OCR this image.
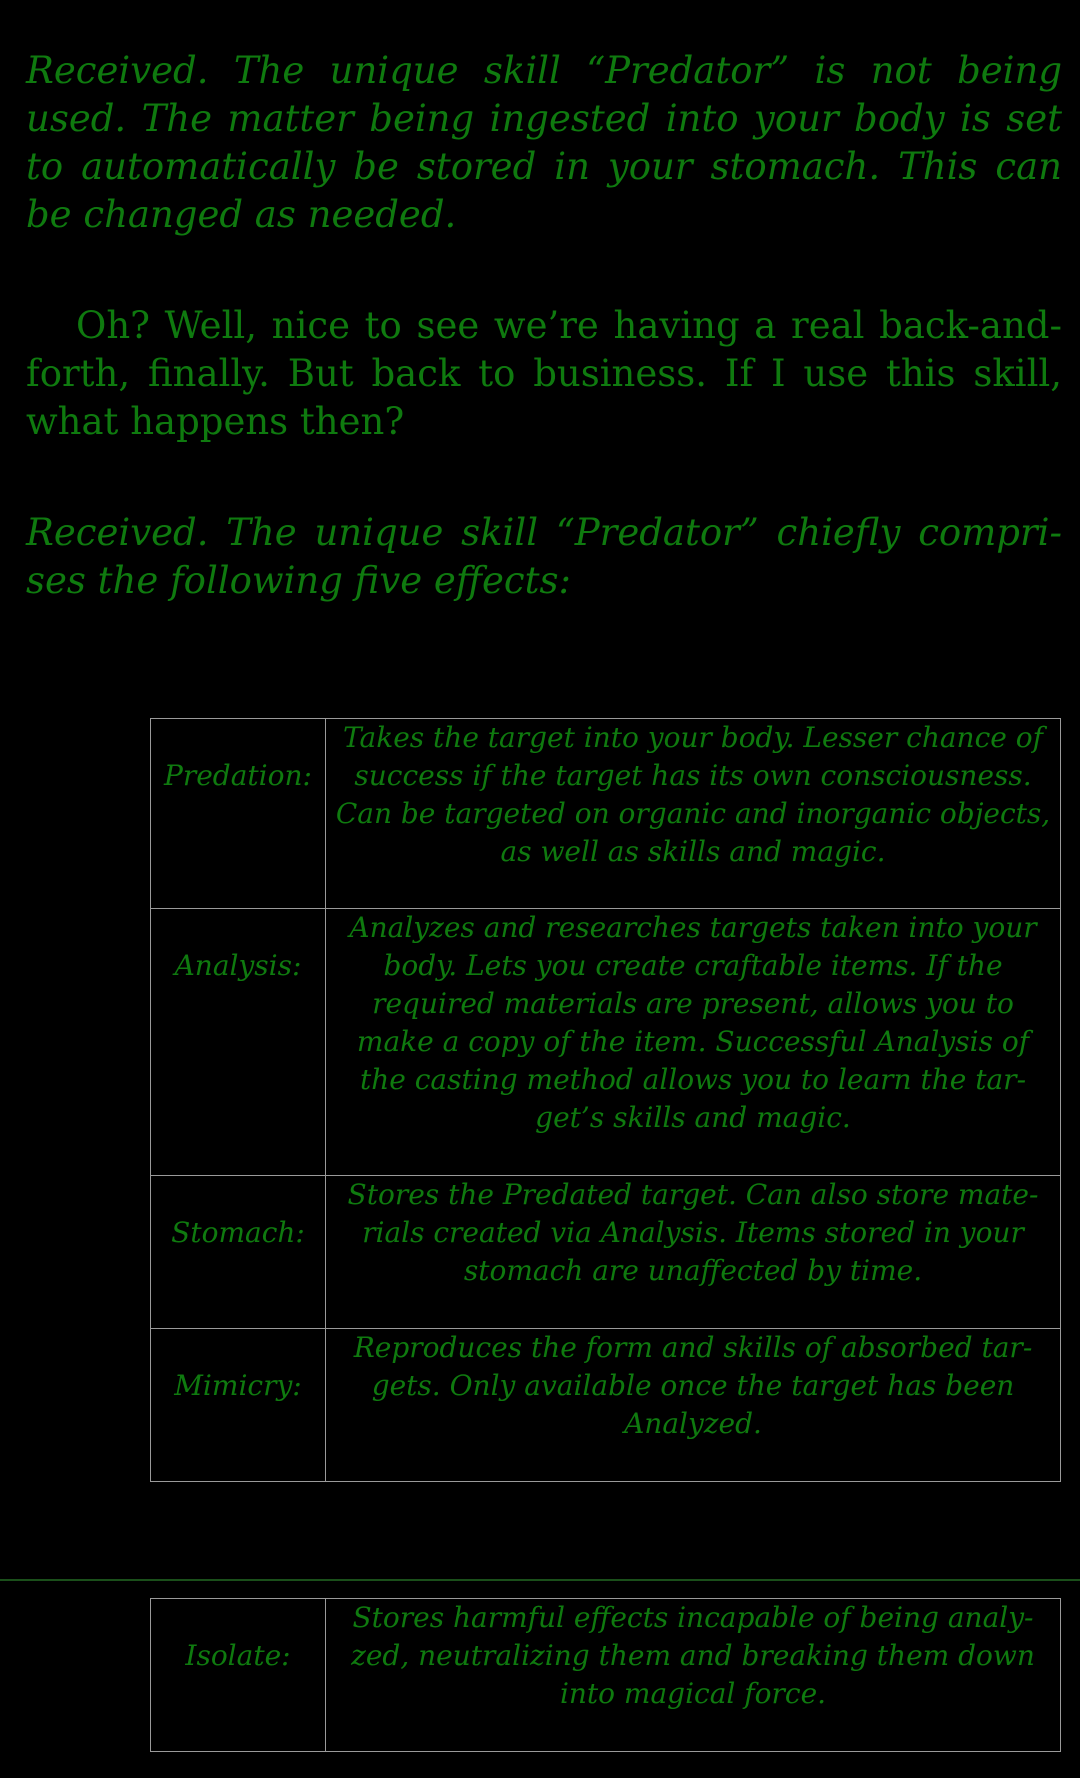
Received. The unique skill “Predator” is not being used. The matter being ingested into your body is set to automatically be stored in your stomach. This can be changed as needed.

Oh? Well, nice to see we’re having a real back-and-forth, finally. But back to business. If I use this skill, what happens then?

Received. The unique skill “Predator” chiefly comprises the following five effects:

Predation:	Takes the target into your body. Lesser chance of success if the target has its own consciousness. Can be targeted on organic and inorganic objects, as well as skills and magic.
Analysis:	Analyzes and researches targets taken into your body. Lets you create craftable items. If the required materials are present, allows you to make a copy of the item. Successful Analysis of the casting method allows you to learn the target’s skills and magic.
Stomach:	Stores the Predated target. Can also store materials created via Analysis. Items stored in your stomach are unaffected by time.
Mimicry:	Reproduces the form and skills of absorbed targets. Only available once the target has been Analyzed.
Isolate:	Stores harmful effects incapable of being analyzed, neutralizing them and breaking them down into magical force.
